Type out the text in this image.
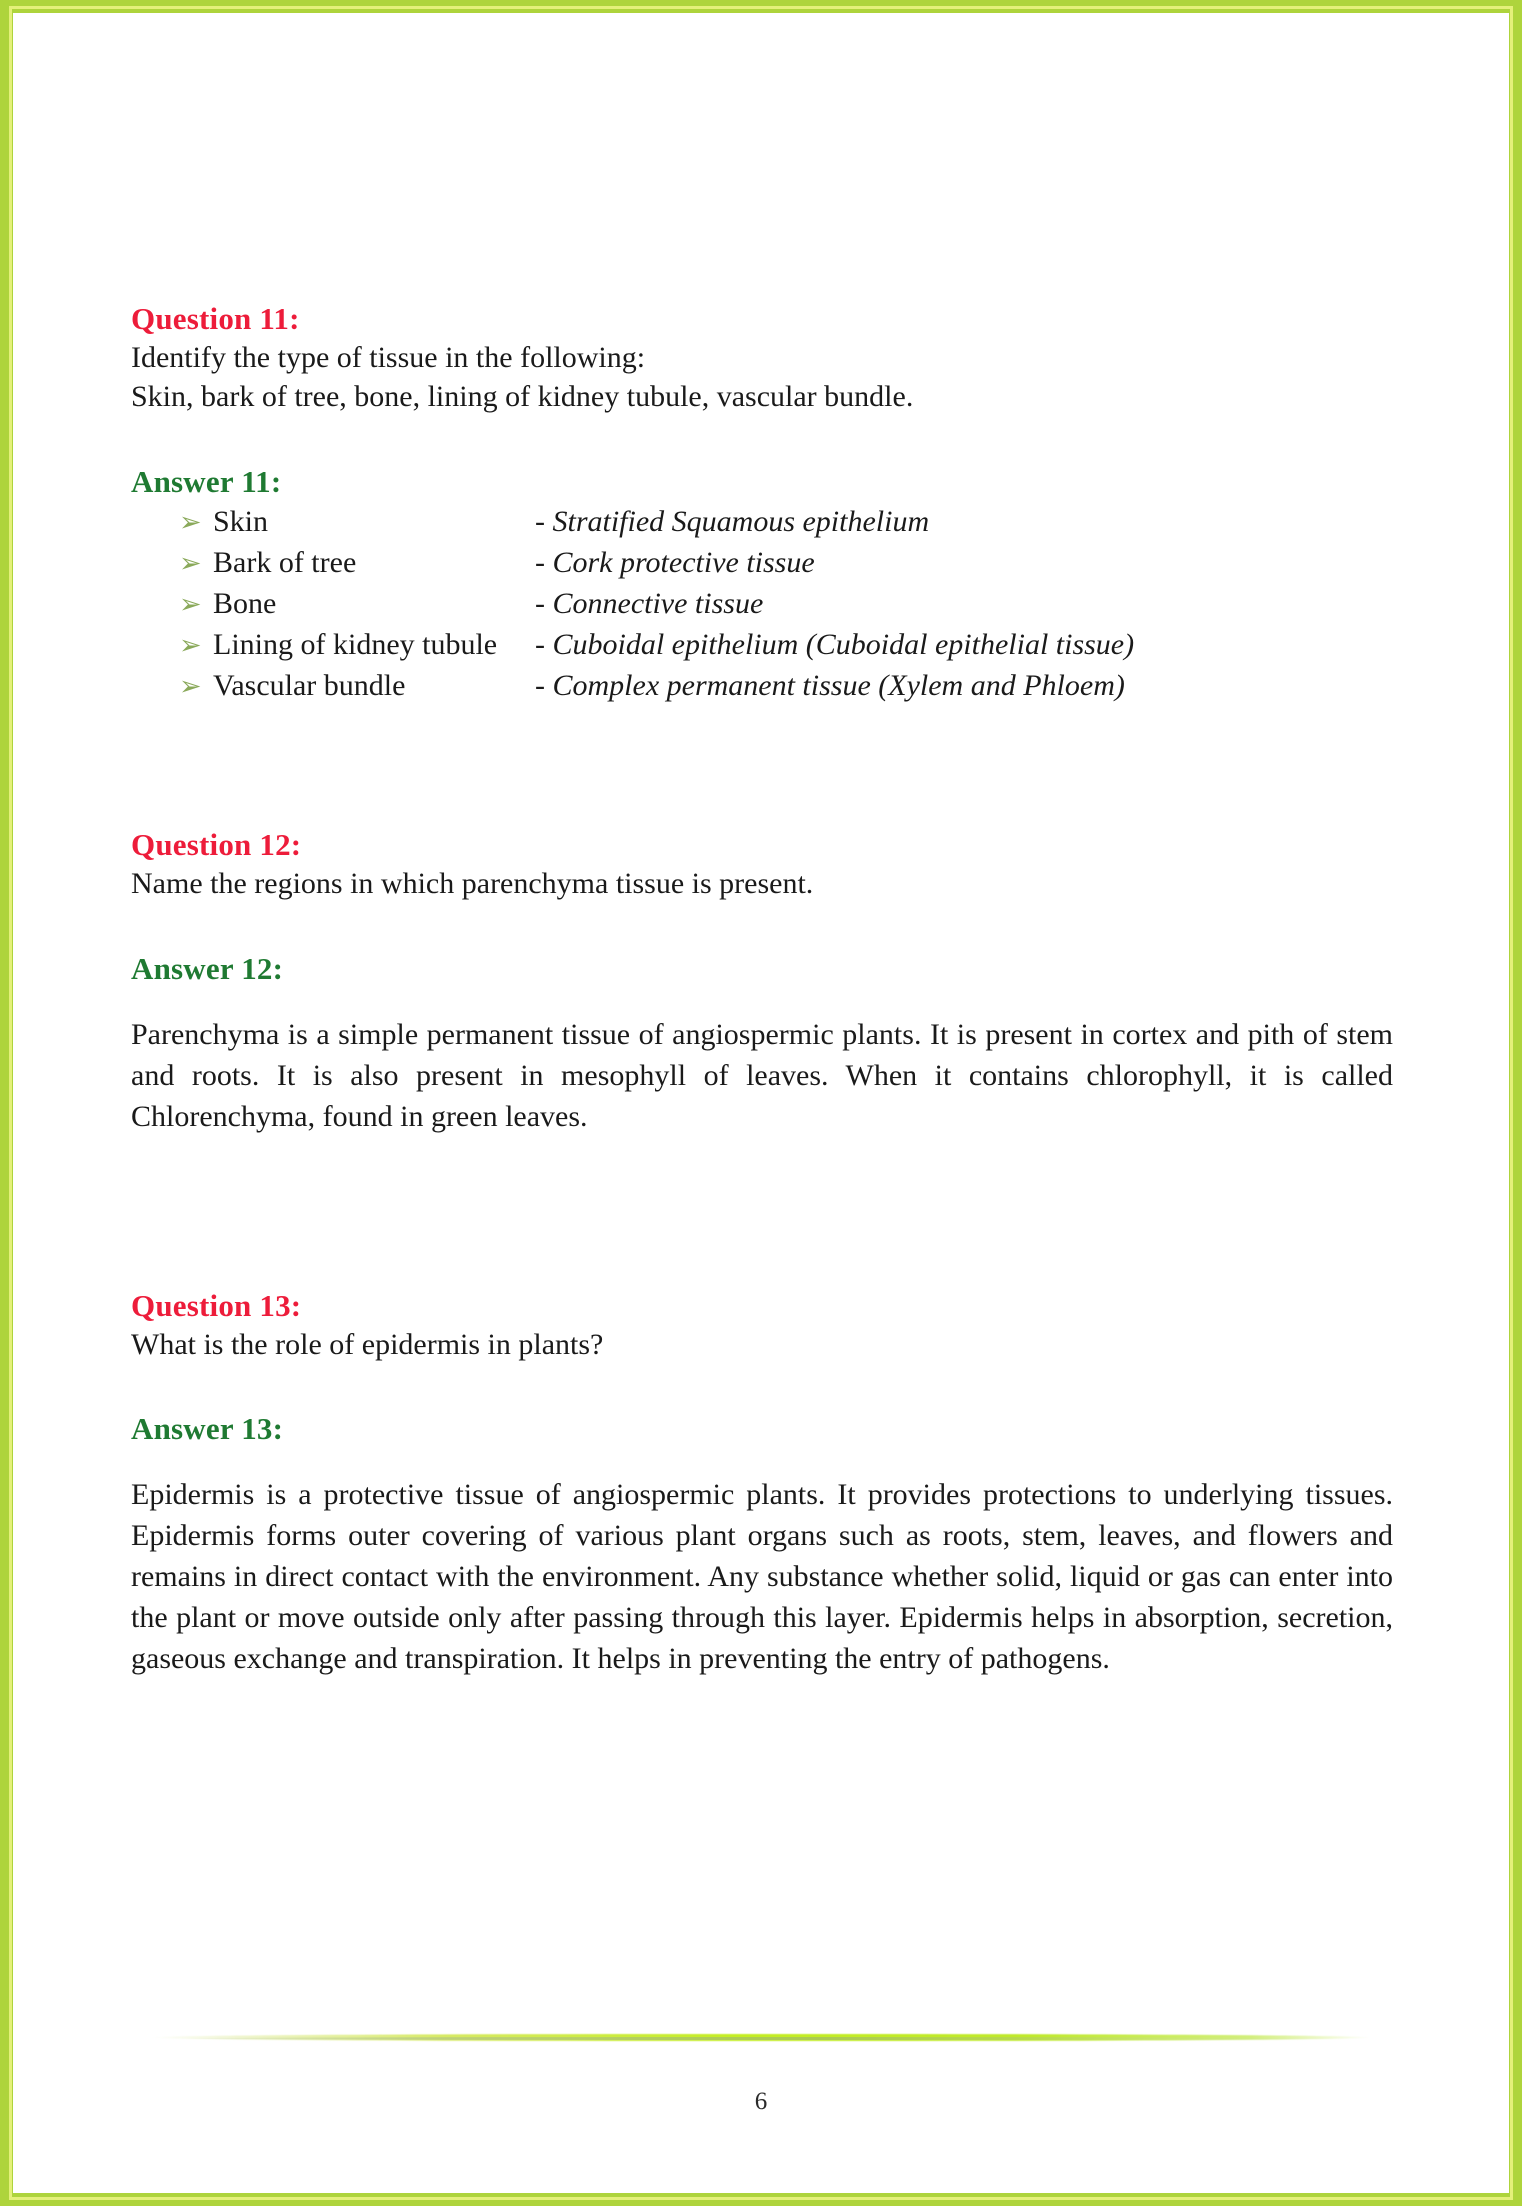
Question 11:

Identify the type of tissue in the following:

Skin, bark of tree, bone, lining of kidney tubule, vascular bundle.

Answer 11:

➢ Skin	- Stratified Squamous epithelium
➢ Bark of tree	- Cork protective tissue
➢ Bone	- Connective tissue
➢ Lining of kidney tubule	- Cuboidal epithelium (Cuboidal epithelial tissue)
➢ Vascular bundle	- Complex permanent tissue (Xylem and Phloem)

Question 12:

Name the regions in which parenchyma tissue is present.

Answer 12:

Parenchyma is a simple permanent tissue of angiospermic plants. It is present in cortex and pith of stem and roots. It is also present in mesophyll of leaves. When it contains chlorophyll, it is called Chlorenchyma, found in green leaves.

Question 13:

What is the role of epidermis in plants?

Answer 13:

Epidermis is a protective tissue of angiospermic plants. It provides protections to underlying tissues. Epidermis forms outer covering of various plant organs such as roots, stem, leaves, and flowers and remains in direct contact with the environment. Any substance whether solid, liquid or gas can enter into the plant or move outside only after passing through this layer. Epidermis helps in absorption, secretion, gaseous exchange and transpiration. It helps in preventing the entry of pathogens.

6
